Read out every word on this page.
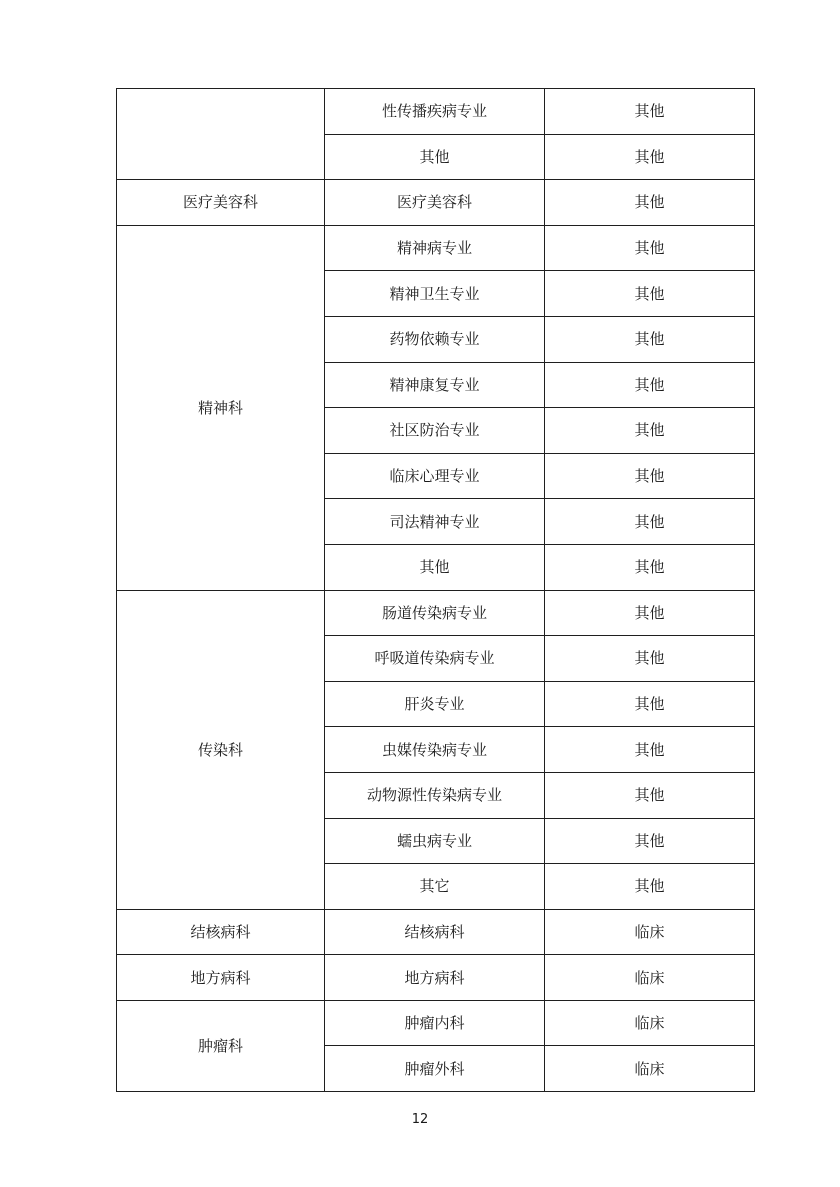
	性传播疾病专业	其他
	其他	其他
医疗美容科	医疗美容科	其他
精神科	精神病专业	其他
	精神卫生专业	其他
	药物依赖专业	其他
	精神康复专业	其他
	社区防治专业	其他
	临床心理专业	其他
	司法精神专业	其他
	其他	其他
传染科	肠道传染病专业	其他
	呼吸道传染病专业	其他
	肝炎专业	其他
	虫媒传染病专业	其他
	动物源性传染病专业	其他
	蠕虫病专业	其他
	其它	其他
结核病科	结核病科	临床
地方病科	地方病科	临床
肿瘤科	肿瘤内科	临床
	肿瘤外科	临床
12
